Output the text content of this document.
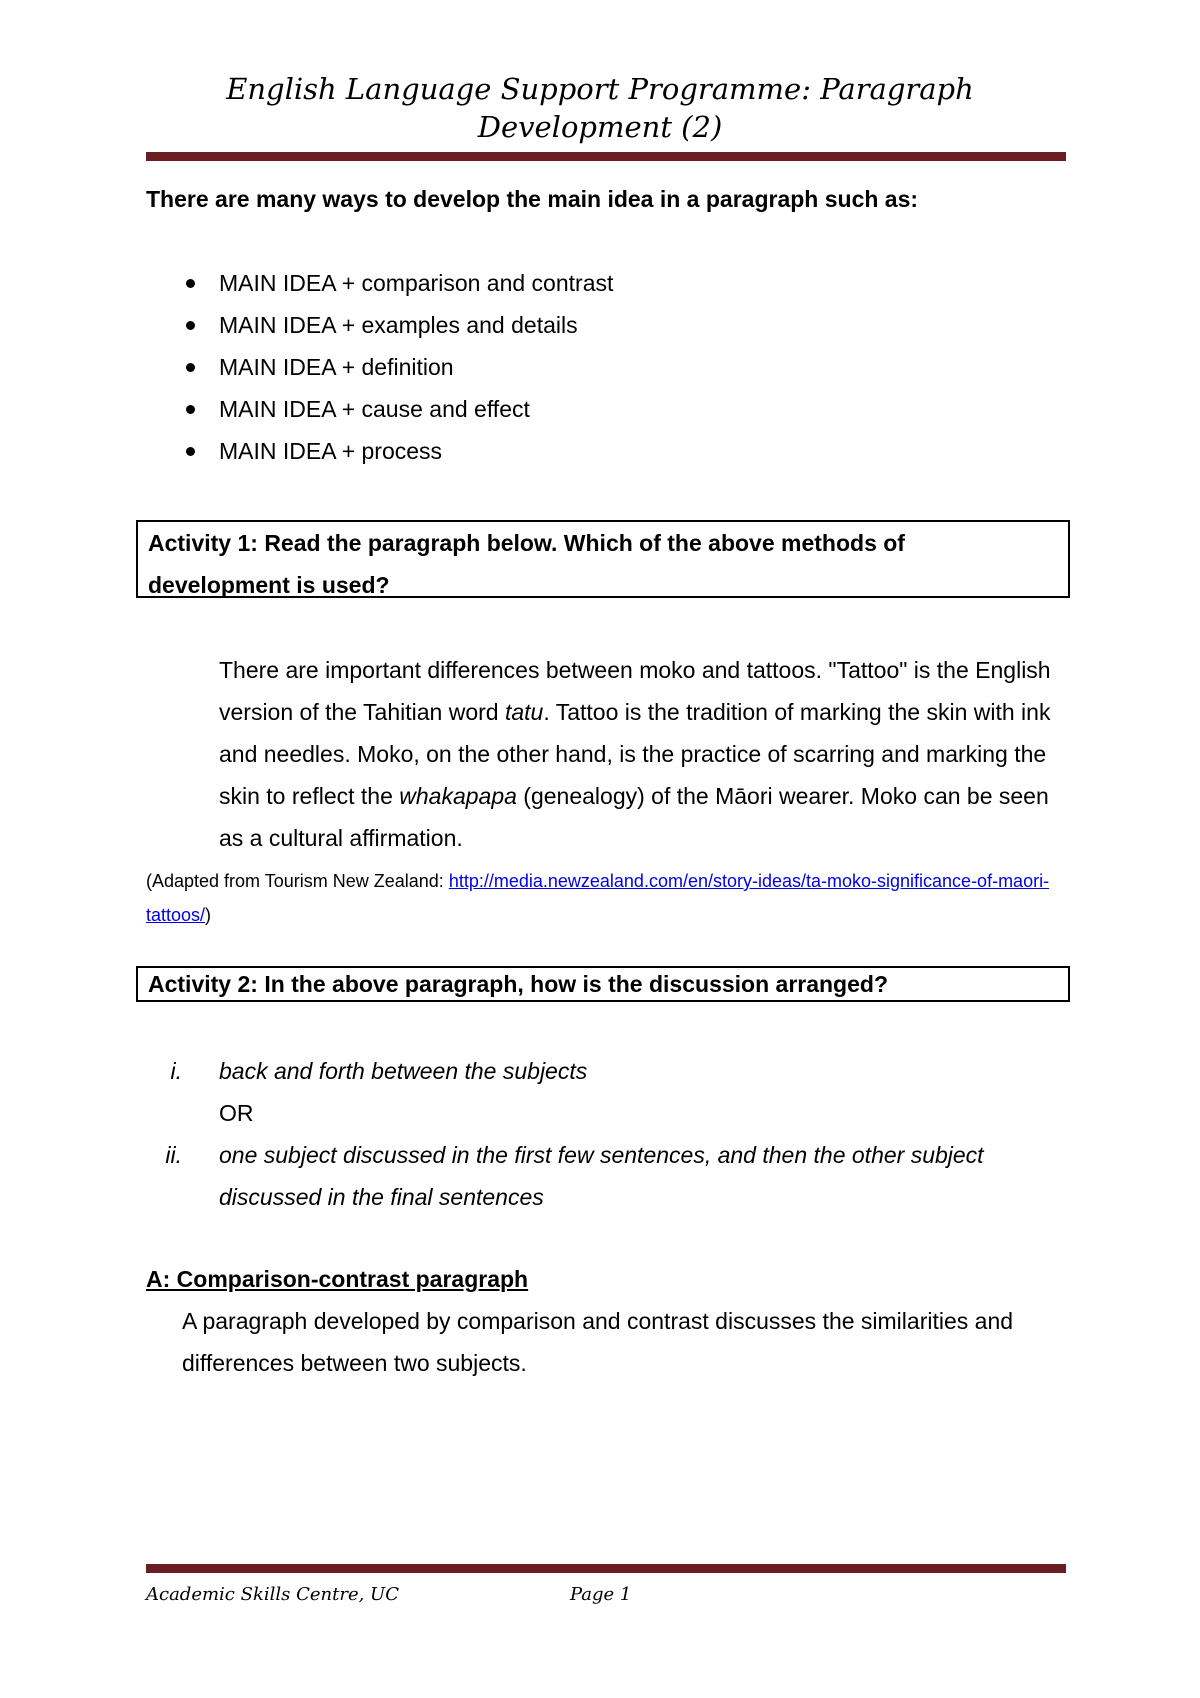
English Language Support Programme: Paragraph Development (2)

There are many ways to develop the main idea in a paragraph such as:

MAIN IDEA + comparison and contrast
MAIN IDEA + examples and details
MAIN IDEA + definition
MAIN IDEA + cause and effect
MAIN IDEA + process
Activity 1: Read the paragraph below. Which of the above methods of
development is used?

There are important differences between moko and tattoos. "Tattoo" is the English version of the Tahitian word tatu. Tattoo is the tradition of marking the skin with ink and needles. Moko, on the other hand, is the practice of scarring and marking the skin to reflect the whakapapa (genealogy) of the Māori wearer. Moko can be seen as a cultural affirmation.

(Adapted from Tourism New Zealand: http://media.newzealand.com/en/story-ideas/ta-moko-significance-of-maori-tattoos/)

Activity 2: In the above paragraph, how is the discussion arranged?
i. back and forth between the subjects
OR
ii. one subject discussed in the first few sentences, and then the other subject
discussed in the final sentences

A: Comparison-contrast paragraph

A paragraph developed by comparison and contrast discusses the similarities and differences between two subjects.

Academic Skills Centre, UC	Page 1
